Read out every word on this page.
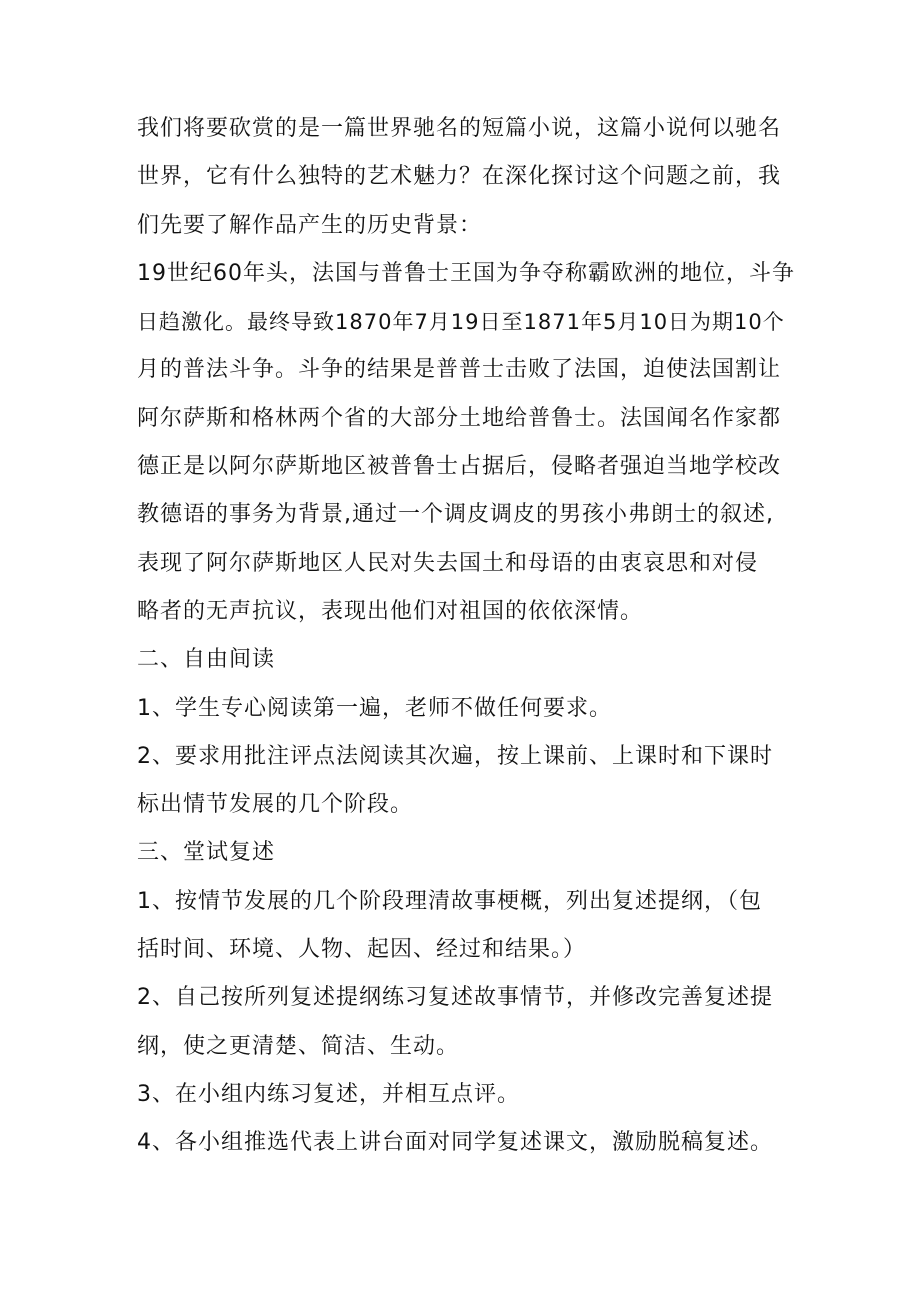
我们将要砍赏的是一篇世界驰名的短篇小说，这篇小说何以驰名
世界，它有什么独特的艺术魅力？在深化探讨这个问题之前，我
们先要了解作品产生的历史背景：
19世纪60年头，法国与普鲁士王国为争夺称霸欧洲的地位，斗争
日趋激化。最终导致1870年7月19日至1871年5月10日为期10个
月的普法斗争。斗争的结果是普普士击败了法国，迫使法国割让
阿尔萨斯和格林两个省的大部分土地给普鲁士。法国闻名作家都
德正是以阿尔萨斯地区被普鲁士占据后，侵略者强迫当地学校改
教德语的事务为背景,通过一个调皮调皮的男孩小弗朗士的叙述,
表现了阿尔萨斯地区人民对失去国土和母语的由衷哀思和对侵
略者的无声抗议，表现出他们对祖国的依依深情。
二、自由间读
1、学生专心阅读第一遍，老师不做任何要求。
2、要求用批注评点法阅读其次遍，按上课前、上课时和下课时
标出情节发展的几个阶段。
三、堂试复述
1、按情节发展的几个阶段理清故事梗概，列出复述提纲，（包
括时间、环境、人物、起因、经过和结果。）
2、自己按所列复述提纲练习复述故事情节，并修改完善复述提
纲，使之更清楚、简洁、生动。
3、在小组内练习复述，并相互点评。
4、各小组推选代表上讲台面对同学复述课文，激励脱稿复述。
